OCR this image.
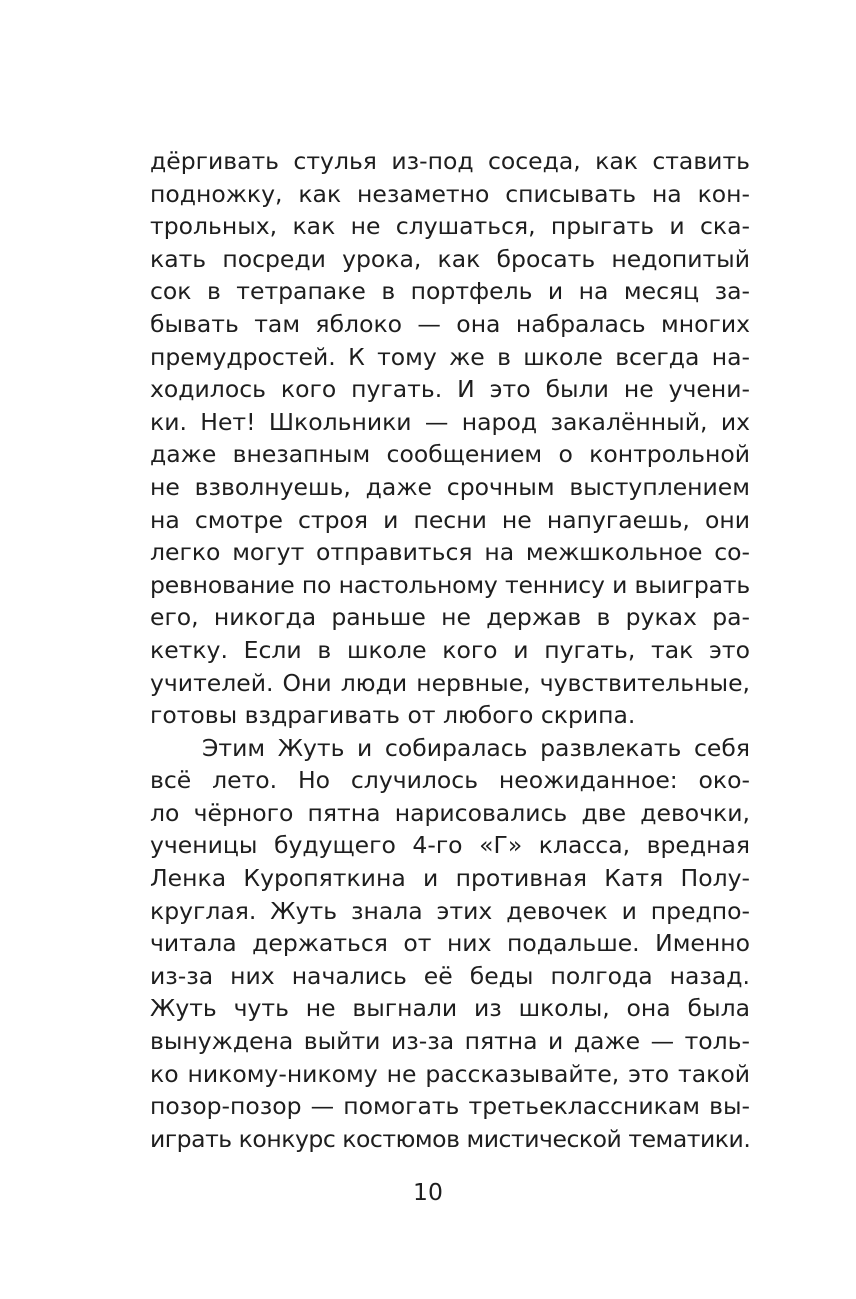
дёргивать стулья из-под соседа, как ставить
подножку, как незаметно списывать на кон-
трольных, как не слушаться, прыгать и ска-
кать посреди урока, как бросать недопитый
сок в тетрапаке в портфель и на месяц за-
бывать там яблоко — она набралась многих
премудростей. К тому же в школе всегда на-
ходилось кого пугать. И это были не учени-
ки. Нет! Школьники — народ закалённый, их
даже внезапным сообщением о контрольной
не взволнуешь, даже срочным выступлением
на смотре строя и песни не напугаешь, они
легко могут отправиться на межшкольное со-
ревнование по настольному теннису и выиграть
его, никогда раньше не держав в руках ра-
кетку. Если в школе кого и пугать, так это
учителей. Они люди нервные, чувствительные,
готовы вздрагивать от любого скрипа.
Этим Жуть и собиралась развлекать себя
всё лето. Но случилось неожиданное: око-
ло чёрного пятна нарисовались две девочки,
ученицы будущего 4-го «Г» класса, вредная
Ленка Куропяткина и противная Катя Полу-
круглая. Жуть знала этих девочек и предпо-
читала держаться от них подальше. Именно
из-за них начались её беды полгода назад.
Жуть чуть не выгнали из школы, она была
вынуждена выйти из-за пятна и даже — толь-
ко никому-никому не рассказывайте, это такой
позор-позор — помогать третьеклассникам вы-
играть конкурс костюмов мистической тематики.
10
